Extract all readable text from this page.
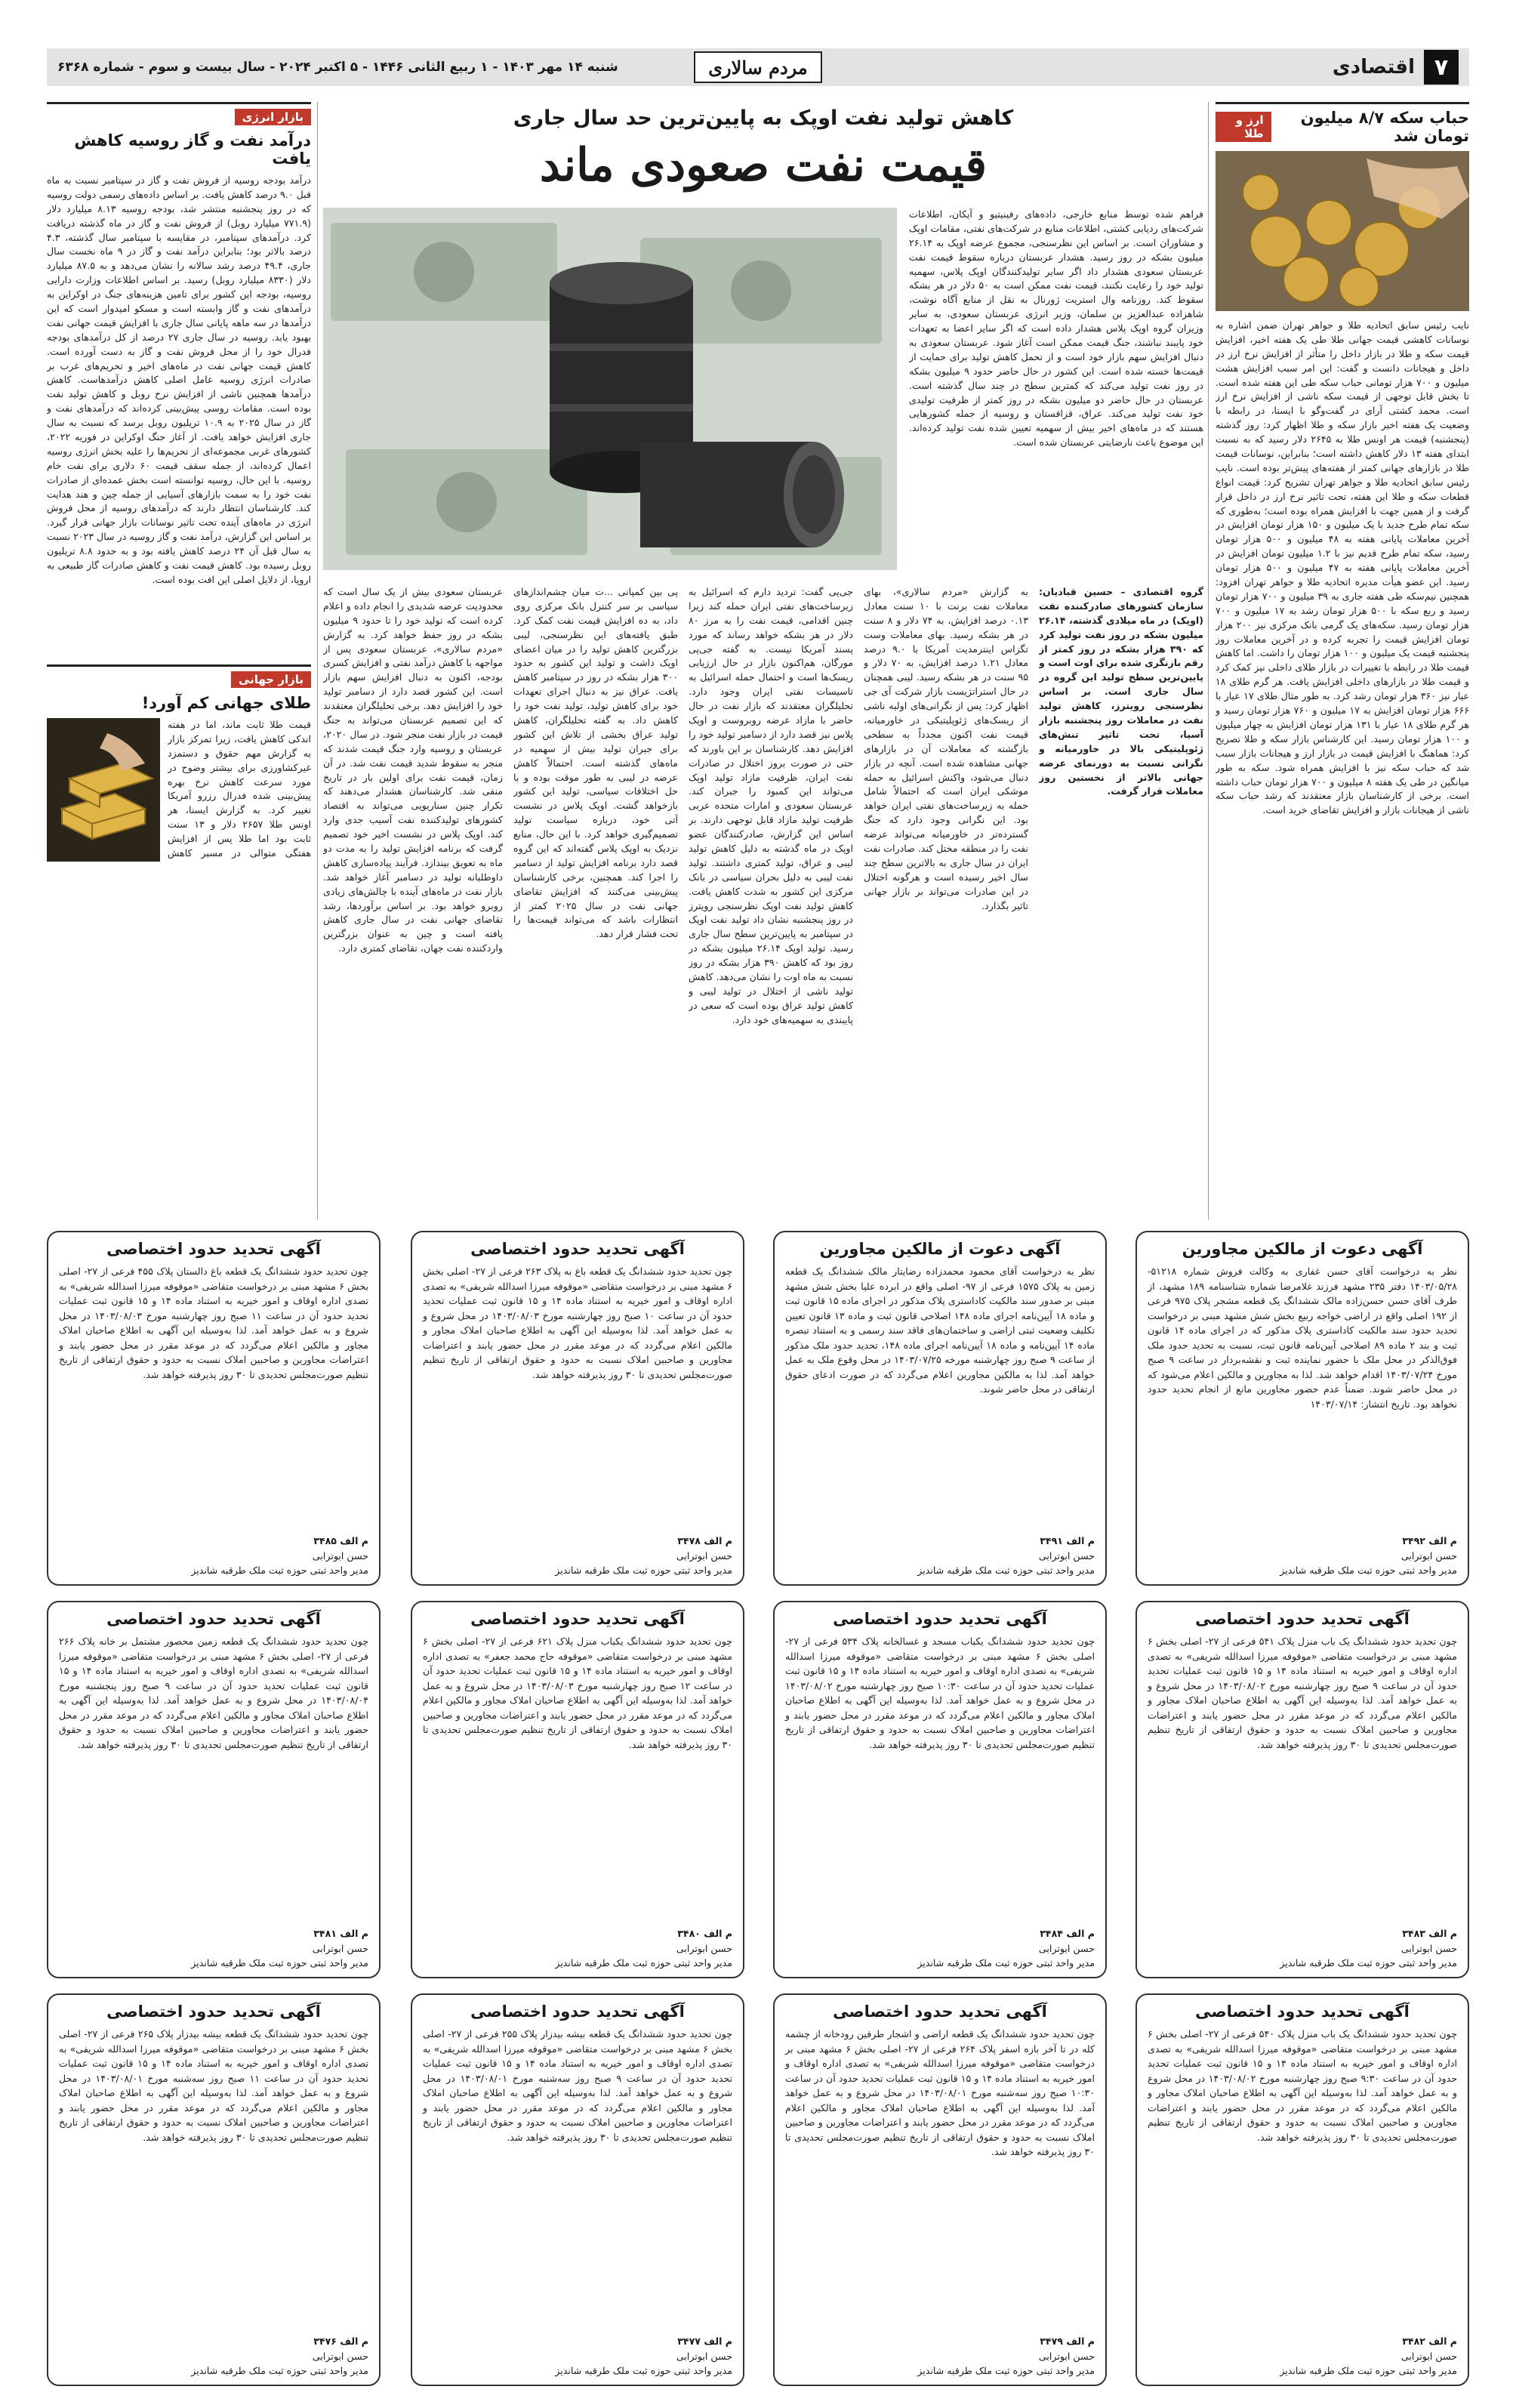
۷
اقتصادی
مردم سالاری
شنبه ۱۴ مهر ۱۴۰۳ - ۱ ربیع الثانی ۱۴۴۶ - ۵ اکتبر ۲۰۲۴ - سال بیست و سوم - شماره ۶۳۶۸
حباب سکه ۸/۷ میلیون تومان شد
ارز و طلا
نایب رئیس سابق اتحادیه طلا و جواهر تهران ضمن اشاره به نوسانات کاهشی قیمت جهانی طلا طی یک هفته اخیر، افزایش قیمت سکه و طلا در بازار داخل را متأثر از افزایش نرخ ارز در داخل و هیجانات دانست و گفت: این امر سبب افزایش هشت میلیون و ۷۰۰ هزار تومانی حباب سکه طی این هفته شده است. تا بخش قابل توجهی از قیمت سکه ناشی از افزایش نرخ ارز است. محمد کشتی آرای در گفت‌وگو با ایسنا، در رابطه با وضعیت یک هفته اخیر بازار سکه و طلا اظهار کرد: روز گذشته (پنجشنبه) قیمت هر اونس طلا به ۲۶۴۵ دلار رسید که به نسبت ابتدای هفته ۱۳ دلار کاهش داشته است؛ بنابراین، نوسانات قیمت طلا در بازارهای جهانی کمتر از هفته‌های پیش‌تر بوده است. نایب رئیس سابق اتحادیه طلا و جواهر تهران تشریح کرد: قیمت انواع قطعات سکه و طلا این هفته، تحت تاثیر نرخ ارز در داخل قرار گرفت و از همین جهت با افزایش همراه بوده است؛ به‌طوری که سکه تمام طرح جدید با یک میلیون و ۱۵۰ هزار تومان افزایش در آخرین معاملات پایانی هفته به ۴۸ میلیون و ۵۰۰ هزار تومان رسید، سکه تمام طرح قدیم نیز با ۱.۲ میلیون تومان افزایش در آخرین معاملات پایانی هفته به ۴۷ میلیون و ۵۰۰ هزار تومان رسید. این عضو هیأت مدیره اتحادیه طلا و جواهر تهران افزود: همچنین نیم‌سکه طی هفته جاری به ۳۹ میلیون و ۷۰۰ هزار تومان رسید و ربع سکه با ۵۰۰ هزار تومان رشد به ۱۷ میلیون و ۷۰۰ هزار تومان رسید. سکه‌های یک گرمی بانک مرکزی نیز ۲۰۰ هزار تومان افزایش قیمت را تجربه کرده و در آخرین معاملات روز پنجشنبه قیمت یک میلیون و ۱۰۰ هزار تومان را داشت. اما کاهش قیمت طلا در رابطه با تغییرات در بازار طلای داخلی نیز کمک کرد و قیمت طلا در بازارهای داخلی افزایش یافت. هر گرم طلای ۱۸ عیار نیز ۳۶۰ هزار تومان رشد کرد. به طور مثال طلای ۱۷ عیار با ۶۶۶ هزار تومان افزایش به ۱۷ میلیون و ۷۶۰ هزار تومان رسید و هر گرم طلای ۱۸ عیار با ۱۳۱ هزار تومان افزایش به چهار میلیون و ۱۰۰ هزار تومان رسید. این کارشناس بازار سکه و طلا تصریح کرد: هماهنگ با افزایش قیمت در بازار ارز و هیجانات بازار سبب شد که حباب سکه نیز با افزایش همراه شود. سکه به طور میانگین در طی یک هفته ۸ میلیون و ۷۰۰ هزار تومان حباب داشته است. برخی از کارشناسان بازار معتقدند که رشد حباب سکه ناشی از هیجانات بازار و افزایش تقاضای خرید است.
بازار انرژی
درآمد نفت و گاز روسیه کاهش یافت
درآمد بودجه روسیه از فروش نفت و گاز در سپتامبر نسبت به ماه قبل ۹.۰ درصد کاهش یافت. بر اساس داده‌های رسمی دولت روسیه که در روز پنجشنبه منتشر شد، بودجه روسیه ۸.۱۳ میلیارد دلار (۷۷۱.۹ میلیارد روبل) از فروش نفت و گاز در ماه گذشته دریافت کرد. درآمدهای سپتامبر، در مقایسه با سپتامبر سال گذشته، ۴.۳ درصد بالاتر بود؛ بنابراین درآمد نفت و گاز در ۹ ماه نخست سال جاری، ۴۹.۴ درصد رشد سالانه را نشان می‌دهد و به ۸۷.۵ میلیارد دلار (۸۳۳۰ میلیارد روبل) رسید. بر اساس اطلاعات وزارت دارایی روسیه، بودجه این کشور برای تامین هزینه‌های جنگ در اوکراین به درآمدهای نفت و گاز وابسته است و مسکو امیدوار است که این درآمدها در سه ماهه پایانی سال جاری با افزایش قیمت جهانی نفت بهبود یابد. روسیه در سال جاری ۲۷ درصد از کل درآمدهای بودجه فدرال خود را از محل فروش نفت و گاز به دست آورده است. کاهش قیمت جهانی نفت در ماه‌های اخیر و تحریم‌های غرب بر صادرات انرژی روسیه عامل اصلی کاهش درآمدهاست. کاهش درآمدها همچنین ناشی از افزایش نرخ روبل و کاهش تولید نفت بوده است. مقامات روسی پیش‌بینی کرده‌اند که درآمدهای نفت و گاز در سال ۲۰۲۵ به ۱۰.۹ تریلیون روبل برسد که نسبت به سال جاری افزایش خواهد یافت. از آغاز جنگ اوکراین در فوریه ۲۰۲۲، کشورهای غربی مجموعه‌ای از تحریم‌ها را علیه بخش انرژی روسیه اعمال کرده‌اند، از جمله سقف قیمت ۶۰ دلاری برای نفت خام روسیه. با این حال، روسیه توانسته است بخش عمده‌ای از صادرات نفت خود را به سمت بازارهای آسیایی از جمله چین و هند هدایت کند. کارشناسان انتظار دارند که درآمدهای روسیه از محل فروش انرژی در ماه‌های آینده تحت تاثیر نوسانات بازار جهانی قرار گیرد. بر اساس این گزارش، درآمد نفت و گاز روسیه در سال ۲۰۲۳ نسبت به سال قبل آن ۲۴ درصد کاهش یافته بود و به حدود ۸.۸ تریلیون روبل رسیده بود. کاهش قیمت نفت و کاهش صادرات گاز طبیعی به اروپا، از دلایل اصلی این افت بوده است.
بازار جهانی
طلای جهانی کم آورد!
قیمت طلا ثابت ماند، اما در هفته اندکی کاهش یافت، زیرا تمرکز بازار به گزارش مهم حقوق و دستمزد غیرکشاورزی برای بیشتر وضوح در مورد سرعت کاهش نرخ بهره پیش‌بینی شده فدرال رزرو آمریکا تغییر کرد. به گزارش ایسنا، هر اونس طلا ۲۶۵۷ دلار و ۱۳ سنت ثابت بود اما طلا پس از افزایش هفتگی متوالی در مسیر کاهش
کاهش تولید نفت اوپک به پایین‌ترین حد سال جاری
قیمت نفت صعودی ماند
فراهم شده توسط منابع خارجی، داده‌های رفینیتیو و آیکان، اطلاعات شرکت‌های ردیابی کشتی، اطلاعات منابع در شرکت‌های نفتی، مقامات اوپک و مشاوران است. بر اساس این نظرسنجی، مجموع عرضه اوپک به ۲۶.۱۴ میلیون بشکه در روز رسید. هشدار عربستان درباره سقوط قیمت نفت عربستان سعودی هشدار داد اگر سایر تولیدکنندگان اوپک پلاس، سهمیه تولید خود را رعایت نکنند، قیمت نفت ممکن است به ۵۰ دلار در هر بشکه سقوط کند. روزنامه وال استریت ژورنال به نقل از منابع آگاه نوشت، شاهزاده عبدالعزیز بن سلمان، وزیر انرژی عربستان سعودی، به سایر وزیران گروه اوپک پلاس هشدار داده است که اگر سایر اعضا به تعهدات خود پایبند نباشند، جنگ قیمت ممکن است آغاز شود. عربستان سعودی به دنبال افزایش سهم بازار خود است و از تحمل کاهش تولید برای حمایت از قیمت‌ها خسته شده است. این کشور در حال حاضر حدود ۹ میلیون بشکه در روز نفت تولید می‌کند که کمترین سطح در چند سال گذشته است. عربستان در حال حاضر دو میلیون بشکه در روز کمتر از ظرفیت تولیدی خود نفت تولید می‌کند. عراق، قزاقستان و روسیه از جمله کشورهایی هستند که در ماه‌های اخیر بیش از سهمیه تعیین شده نفت تولید کرده‌اند. این موضوع باعث نارضایتی عربستان شده است.
گروه اقتصادی – حسین قبادیان: سازمان کشورهای صادرکننده نفت (اوپک) در ماه میلادی گذشته، ۲۶.۱۴ میلیون بشکه در روز نفت تولید کرد که ۳۹۰ هزار بشکه در روز کمتر از رقم بازنگری شده برای اوت است و پایین‌ترین سطح تولید این گروه در سال جاری است. بر اساس نظرسنجی رویترز، کاهش تولید نفت در معاملات روز پنجشنبه بازار آسیا، تحت تاثیر تنش‌های ژئوپلیتیکی بالا در خاورمیانه و نگرانی نسبت به دورنمای عرضه جهانی بالاتر از نخستین روز معاملات قرار گرفت.
به گزارش «مردم سالاری»، بهای معاملات نفت برنت با ۱۰ سنت معادل ۰.۱۳ درصد افزایش، به ۷۴ دلار و ۸ سنت در هر بشکه رسید. بهای معاملات وست تگزاس اینترمدیت آمریکا با ۹.۰ درصد معادل ۱.۲۱ درصد افزایش، به ۷۰ دلار و ۹۵ سنت در هر بشکه رسید. لیبی همچنان در حال استراتژیست بازار شرکت آی جی اظهار کرد: پس از نگرانی‌های اولیه ناشی از ریسک‌های ژئوپلیتیکی در خاورمیانه، قیمت نفت اکنون مجدداً به سطحی بازگشته که معاملات آن در بازارهای جهانی مشاهده شده است. آنچه در بازار دنبال می‌شود، واکنش اسرائیل به حمله موشکی ایران است که احتمالاً شامل حمله به زیرساخت‌های نفتی ایران خواهد بود. این نگرانی وجود دارد که جنگ گسترده‌تر در خاورمیانه می‌تواند عرضه نفت را در منطقه مختل کند. صادرات نفت ایران در سال جاری به بالاترین سطح چند سال اخیر رسیده است و هرگونه اختلال در این صادرات می‌تواند بر بازار جهانی تاثیر بگذارد.
جی‌پی گفت: تردید دارم که اسرائیل به زیرساخت‌های نفتی ایران حمله کند زیرا چنین اقدامی، قیمت نفت را به مرز ۸۰ دلار در هر بشکه خواهد رساند که مورد پسند آمریکا نیست. به گفته جی‌پی مورگان، هم‌اکنون بازار در حال ارزیابی ریسک‌ها است و احتمال حمله اسرائیل به تاسیسات نفتی ایران وجود دارد. تحلیلگران معتقدند که بازار نفت در حال حاضر با مازاد عرضه روبروست و اوپک پلاس نیز قصد دارد از دسامبر تولید خود را افزایش دهد. کارشناسان بر این باورند که حتی در صورت بروز اختلال در صادرات نفت ایران، ظرفیت مازاد تولید اوپک می‌تواند این کمبود را جبران کند. عربستان سعودی و امارات متحده عربی ظرفیت تولید مازاد قابل توجهی دارند. بر اساس این گزارش، صادرکنندگان عضو اوپک در ماه گذشته به دلیل کاهش تولید لیبی و عراق، تولید کمتری داشتند. تولید نفت لیبی به دلیل بحران سیاسی در بانک مرکزی این کشور به شدت کاهش یافت. کاهش تولید نفت اوپک نظرسنجی رویترز در روز پنجشنبه نشان داد تولید نفت اوپک در سپتامبر به پایین‌ترین سطح سال جاری رسید. تولید اوپک ۲۶.۱۴ میلیون بشکه در روز بود که کاهش ۳۹۰ هزار بشکه در روز نسبت به ماه اوت را نشان می‌دهد. کاهش تولید ناشی از اختلال در تولید لیبی و کاهش تولید عراق بوده است که سعی در پایبندی به سهمیه‌های خود دارد.
پی بین کمپانی ...ت میان چشم‌اندازهای سیاسی بر سر کنترل بانک مرکزی روی داد، به ده افزایش قیمت نفت کمک کرد. طبق یافته‌های این نظرسنجی، لیبی بزرگترین کاهش تولید را در میان اعضای اوپک داشت و تولید این کشور به حدود ۳۰۰ هزار بشکه در روز در سپتامبر کاهش یافت. عراق نیز به دنبال اجرای تعهدات خود برای کاهش تولید، تولید نفت خود را کاهش داد. به گفته تحلیلگران، کاهش تولید عراق بخشی از تلاش این کشور برای جبران تولید بیش از سهمیه در ماه‌های گذشته است. احتمالاً کاهش عرضه در لیبی به طور موقت بوده و با حل اختلافات سیاسی، تولید این کشور بازخواهد گشت. اوپک پلاس در نشست آتی خود، درباره سیاست تولید تصمیم‌گیری خواهد کرد. با این حال، منابع نزدیک به اوپک پلاس گفته‌اند که این گروه قصد دارد برنامه افزایش تولید از دسامبر را اجرا کند. همچنین، برخی کارشناسان پیش‌بینی می‌کنند که افزایش تقاضای جهانی نفت در سال ۲۰۲۵ کمتر از انتظارات باشد که می‌تواند قیمت‌ها را تحت فشار قرار دهد.
عربستان سعودی بیش از یک سال است که محدودیت عرضه شدیدی را انجام داده و اعلام کرده است که تولید خود را تا حدود ۹ میلیون بشکه در روز حفظ خواهد کرد. به گزارش «مردم سالاری»، عربستان سعودی پس از مواجهه با کاهش درآمد نفتی و افزایش کسری بودجه، اکنون به دنبال افزایش سهم بازار است. این کشور قصد دارد از دسامبر تولید خود را افزایش دهد. برخی تحلیلگران معتقدند که این تصمیم عربستان می‌تواند به جنگ قیمت در بازار نفت منجر شود. در سال ۲۰۲۰، عربستان و روسیه وارد جنگ قیمت شدند که منجر به سقوط شدید قیمت نفت شد. در آن زمان، قیمت نفت برای اولین بار در تاریخ منفی شد. کارشناسان هشدار می‌دهند که تکرار چنین سناریویی می‌تواند به اقتصاد کشورهای تولیدکننده نفت آسیب جدی وارد کند. اوپک پلاس در نشست اخیر خود تصمیم گرفت که برنامه افزایش تولید را به مدت دو ماه به تعویق بیندازد. فرآیند پیاده‌سازی کاهش داوطلبانه تولید در دسامبر آغاز خواهد شد. بازار نفت در ماه‌های آینده با چالش‌های زیادی روبرو خواهد بود. بر اساس برآوردها، رشد تقاضای جهانی نفت در سال جاری کاهش یافته است و چین به عنوان بزرگترین واردکننده نفت جهان، تقاضای کمتری دارد.
آگهی دعوت از مالکین مجاورین
نظر به درخواست آقای حسن غفاری به وکالت فروش شماره ۵۱۲۱۸- ۱۴۰۳/۰۵/۲۸ دفتر ۲۳۵ مشهد فرزند غلامرضا شماره شناسنامه ۱۸۹ مشهد، از طرف آقای حسن حسن‌زاده مالک ششدانگ یک قطعه مشجر پلاک ۹۷۵ فرعی از ۱۹۲ اصلی واقع در اراضی خواجه ربیع بخش شش مشهد مبنی بر درخواست تحدید حدود سند مالکیت کاداستری پلاک مذکور که در اجرای ماده ۱۴ قانون ثبت و بند ۲ ماده ۸۹ اصلاحی آیین‌نامه قانون ثبت، نسبت به تحدید حدود ملک فوق‌الذکر در محل ملک با حضور نماینده ثبت و نقشه‌بردار در ساعت ۹ صبح مورخ ۱۴۰۳/۰۷/۲۴ اقدام خواهد شد. لذا به مجاورین و مالکین اعلام می‌شود که در محل حاضر شوند. ضمناً عدم حضور مجاورین مانع از انجام تحدید حدود نخواهد بود. تاریخ انتشار: ۱۴۰۳/۰۷/۱۴
م الف ۳۴۹۲
حسن ابوترابی
مدیر واحد ثبتی حوزه ثبت ملک طرقبه شاندیز
آگهی دعوت از مالکین مجاورین
نظر به درخواست آقای محمود محمدزاده رضایتار مالک ششدانگ یک قطعه زمین به پلاک ۱۵۷۵ فرعی از ۹۷- اصلی واقع در ابرده علیا بخش شش مشهد مبنی بر صدور سند مالکیت کاداستری پلاک مذکور در اجرای ماده ۱۵ قانون ثبت و ماده ۱۸ آیین‌نامه اجرای ماده ۱۴۸ اصلاحی قانون ثبت و ماده ۱۳ قانون تعیین تکلیف وضعیت ثبتی اراضی و ساختمان‌های فاقد سند رسمی و به استناد تبصره ماده ۱۴ آیین‌نامه و ماده ۱۸ آیین‌نامه اجرای ماده ۱۴۸، تحدید حدود ملک مذکور از ساعت ۹ صبح روز چهارشنبه مورخه ۱۴۰۳/۰۷/۲۵ در محل وقوع ملک به عمل خواهد آمد. لذا به مالکین مجاورین اعلام می‌گردد که در صورت ادعای حقوق ارتفاقی در محل حاضر شوند.
م الف ۳۴۹۱
حسن ابوترابی
مدیر واحد ثبتی حوزه ثبت ملک طرقبه شاندیز
آگهی تحدید حدود اختصاصی
چون تحدید حدود ششدانگ یک قطعه باغ به پلاک ۲۶۳ فرعی از ۲۷- اصلی بخش ۶ مشهد مبنی بر درخواست متقاضی «موقوفه میرزا اسدالله شریفی» به تصدی اداره اوقاف و امور خیریه به استناد ماده ۱۴ و ۱۵ قانون ثبت عملیات تحدید حدود آن در ساعت ۱۰ صبح روز چهارشنبه مورخ ۱۴۰۳/۰۸/۰۳ در محل شروع و به عمل خواهد آمد. لذا به‌وسیله این آگهی به اطلاع صاحبان املاک مجاور و مالکین اعلام می‌گردد که در موعد مقرر در محل حضور یابند و اعتراضات مجاورین و صاحبین املاک نسبت به حدود و حقوق ارتفاقی از تاریخ تنظیم صورت‌مجلس تحدیدی تا ۳۰ روز پذیرفته خواهد شد.
م الف ۳۴۷۸
حسن ابوترابی
مدیر واحد ثبتی حوزه ثبت ملک طرقبه شاندیز
آگهی تحدید حدود اختصاصی
چون تحدید حدود ششدانگ یک قطعه باغ دالستان پلاک ۴۵۵ فرعی از ۲۷- اصلی بخش ۶ مشهد مبنی بر درخواست متقاضی «موقوفه میرزا اسدالله شریفی» به تصدی اداره اوقاف و امور خیریه به استناد ماده ۱۴ و ۱۵ قانون ثبت عملیات تحدید حدود آن در ساعت ۱۱ صبح روز چهارشنبه مورخ ۱۴۰۳/۰۸/۰۳ در محل شروع و به عمل خواهد آمد. لذا به‌وسیله این آگهی به اطلاع صاحبان املاک مجاور و مالکین اعلام می‌گردد که در موعد مقرر در محل حضور یابند و اعتراضات مجاورین و صاحبین املاک نسبت به حدود و حقوق ارتفاقی از تاریخ تنظیم صورت‌مجلس تحدیدی تا ۳۰ روز پذیرفته خواهد شد.
م الف ۳۴۸۵
حسن ابوترابی
مدیر واحد ثبتی حوزه ثبت ملک طرقبه شاندیز
آگهی تحدید حدود اختصاصی
چون تحدید حدود ششدانگ یک باب منزل پلاک ۵۴۱ فرعی از ۲۷- اصلی بخش ۶ مشهد مبنی بر درخواست متقاضی «موقوفه میرزا اسدالله شریفی» به تصدی اداره اوقاف و امور خیریه به استناد ماده ۱۴ و ۱۵ قانون ثبت عملیات تحدید حدود آن در ساعت ۹ صبح روز چهارشنبه مورخ ۱۴۰۳/۰۸/۰۲ در محل شروع و به عمل خواهد آمد. لذا به‌وسیله این آگهی به اطلاع صاحبان املاک مجاور و مالکین اعلام می‌گردد که در موعد مقرر در محل حضور یابند و اعتراضات مجاورین و صاحبین املاک نسبت به حدود و حقوق ارتفاقی از تاریخ تنظیم صورت‌مجلس تحدیدی تا ۳۰ روز پذیرفته خواهد شد.
م الف ۳۴۸۳
حسن ابوترابی
مدیر واحد ثبتی حوزه ثبت ملک طرقبه شاندیز
آگهی تحدید حدود اختصاصی
چون تحدید حدود ششدانگ یکباب مسجد و غسالخانه پلاک ۵۳۴ فرعی از ۲۷- اصلی بخش ۶ مشهد مبنی بر درخواست متقاضی «موقوفه میرزا اسدالله شریفی» به تصدی اداره اوقاف و امور خیریه به استناد ماده ۱۴ و ۱۵ قانون ثبت عملیات تحدید حدود آن در ساعت ۱۰:۳۰ صبح روز چهارشنبه مورخ ۱۴۰۳/۰۸/۰۲ در محل شروع و به عمل خواهد آمد. لذا به‌وسیله این آگهی به اطلاع صاحبان املاک مجاور و مالکین اعلام می‌گردد که در موعد مقرر در محل حضور یابند و اعتراضات مجاورین و صاحبین املاک نسبت به حدود و حقوق ارتفاقی از تاریخ تنظیم صورت‌مجلس تحدیدی تا ۳۰ روز پذیرفته خواهد شد.
م الف ۳۴۸۴
حسن ابوترابی
مدیر واحد ثبتی حوزه ثبت ملک طرقبه شاندیز
آگهی تحدید حدود اختصاصی
چون تحدید حدود ششدانگ یکباب منزل پلاک ۶۲۱ فرعی از ۲۷- اصلی بخش ۶ مشهد مبنی بر درخواست متقاضی «موقوفه حاج محمد جعفر» به تصدی اداره اوقاف و امور خیریه به استناد ماده ۱۴ و ۱۵ قانون ثبت عملیات تحدید حدود آن در ساعت ۱۲ صبح روز چهارشنبه مورخ ۱۴۰۳/۰۸/۰۳ در محل شروع و به عمل خواهد آمد. لذا به‌وسیله این آگهی به اطلاع صاحبان املاک مجاور و مالکین اعلام می‌گردد که در موعد مقرر در محل حضور یابند و اعتراضات مجاورین و صاحبین املاک نسبت به حدود و حقوق ارتفاقی از تاریخ تنظیم صورت‌مجلس تحدیدی تا ۳۰ روز پذیرفته خواهد شد.
م الف ۳۴۸۰
حسن ابوترابی
مدیر واحد ثبتی حوزه ثبت ملک طرقبه شاندیز
آگهی تحدید حدود اختصاصی
چون تحدید حدود ششدانگ یک قطعه زمین محصور مشتمل بر خانه پلاک ۲۶۶ فرعی از ۲۷- اصلی بخش ۶ مشهد مبنی بر درخواست متقاضی «موقوفه میرزا اسدالله شریفی» به تصدی اداره اوقاف و امور خیریه به استناد ماده ۱۴ و ۱۵ قانون ثبت عملیات تحدید حدود آن در ساعت ۹ صبح روز پنجشنبه مورخ ۱۴۰۳/۰۸/۰۴ در محل شروع و به عمل خواهد آمد. لذا به‌وسیله این آگهی به اطلاع صاحبان املاک مجاور و مالکین اعلام می‌گردد که در موعد مقرر در محل حضور یابند و اعتراضات مجاورین و صاحبین املاک نسبت به حدود و حقوق ارتفاقی از تاریخ تنظیم صورت‌مجلس تحدیدی تا ۳۰ روز پذیرفته خواهد شد.
م الف ۳۴۸۱
حسن ابوترابی
مدیر واحد ثبتی حوزه ثبت ملک طرقبه شاندیز
آگهی تحدید حدود اختصاصی
چون تحدید حدود ششدانگ یک باب منزل پلاک ۵۴۰ فرعی از ۲۷- اصلی بخش ۶ مشهد مبنی بر درخواست متقاضی «موقوفه میرزا اسدالله شریفی» به تصدی اداره اوقاف و امور خیریه به استناد ماده ۱۴ و ۱۵ قانون ثبت عملیات تحدید حدود آن در ساعت ۹:۳۰ صبح روز چهارشنبه مورخ ۱۴۰۳/۰۸/۰۲ در محل شروع و به عمل خواهد آمد. لذا به‌وسیله این آگهی به اطلاع صاحبان املاک مجاور و مالکین اعلام می‌گردد که در موعد مقرر در محل حضور یابند و اعتراضات مجاورین و صاحبین املاک نسبت به حدود و حقوق ارتفاقی از تاریخ تنظیم صورت‌مجلس تحدیدی تا ۳۰ روز پذیرفته خواهد شد.
م الف ۳۴۸۲
حسن ابوترابی
مدیر واحد ثبتی حوزه ثبت ملک طرقبه شاندیز
آگهی تحدید حدود اختصاصی
چون تحدید حدود ششدانگ یک قطعه اراضی و اشجار طرفین رودخانه از چشمه کله در تا آخر بازه اسفر پلاک ۲۶۴ فرعی از ۲۷- اصلی بخش ۶ مشهد مبنی بر درخواست متقاضی «موقوفه میرزا اسدالله شریفی» به تصدی اداره اوقاف و امور خیریه به استناد ماده ۱۴ و ۱۵ قانون ثبت عملیات تحدید حدود آن در ساعت ۱۰:۳۰ صبح روز سه‌شنبه مورخ ۱۴۰۳/۰۸/۰۱ در محل شروع و به عمل خواهد آمد. لذا به‌وسیله این آگهی به اطلاع صاحبان املاک مجاور و مالکین اعلام می‌گردد که در موعد مقرر در محل حضور یابند و اعتراضات مجاورین و صاحبین املاک نسبت به حدود و حقوق ارتفاقی از تاریخ تنظیم صورت‌مجلس تحدیدی تا ۳۰ روز پذیرفته خواهد شد.
م الف ۳۴۷۹
حسن ابوترابی
مدیر واحد ثبتی حوزه ثبت ملک طرقبه شاندیز
آگهی تحدید حدود اختصاصی
چون تحدید حدود ششدانگ یک قطعه بیشه بیدزار پلاک ۲۵۵ فرعی از ۲۷- اصلی بخش ۶ مشهد مبنی بر درخواست متقاضی «موقوفه میرزا اسدالله شریفی» به تصدی اداره اوقاف و امور خیریه به استناد ماده ۱۴ و ۱۵ قانون ثبت عملیات تحدید حدود آن در ساعت ۹ صبح روز سه‌شنبه مورخ ۱۴۰۳/۰۸/۰۱ در محل شروع و به عمل خواهد آمد. لذا به‌وسیله این آگهی به اطلاع صاحبان املاک مجاور و مالکین اعلام می‌گردد که در موعد مقرر در محل حضور یابند و اعتراضات مجاورین و صاحبین املاک نسبت به حدود و حقوق ارتفاقی از تاریخ تنظیم صورت‌مجلس تحدیدی تا ۳۰ روز پذیرفته خواهد شد.
م الف ۳۴۷۷
حسن ابوترابی
مدیر واحد ثبتی حوزه ثبت ملک طرقبه شاندیز
آگهی تحدید حدود اختصاصی
چون تحدید حدود ششدانگ یک قطعه بیشه بیدزار پلاک ۲۶۵ فرعی از ۲۷- اصلی بخش ۶ مشهد مبنی بر درخواست متقاضی «موقوفه میرزا اسدالله شریفی» به تصدی اداره اوقاف و امور خیریه به استناد ماده ۱۴ و ۱۵ قانون ثبت عملیات تحدید حدود آن در ساعت ۱۱ صبح روز سه‌شنبه مورخ ۱۴۰۳/۰۸/۰۱ در محل شروع و به عمل خواهد آمد. لذا به‌وسیله این آگهی به اطلاع صاحبان املاک مجاور و مالکین اعلام می‌گردد که در موعد مقرر در محل حضور یابند و اعتراضات مجاورین و صاحبین املاک نسبت به حدود و حقوق ارتفاقی از تاریخ تنظیم صورت‌مجلس تحدیدی تا ۳۰ روز پذیرفته خواهد شد.
م الف ۳۴۷۶
حسن ابوترابی
مدیر واحد ثبتی حوزه ثبت ملک طرقبه شاندیز
